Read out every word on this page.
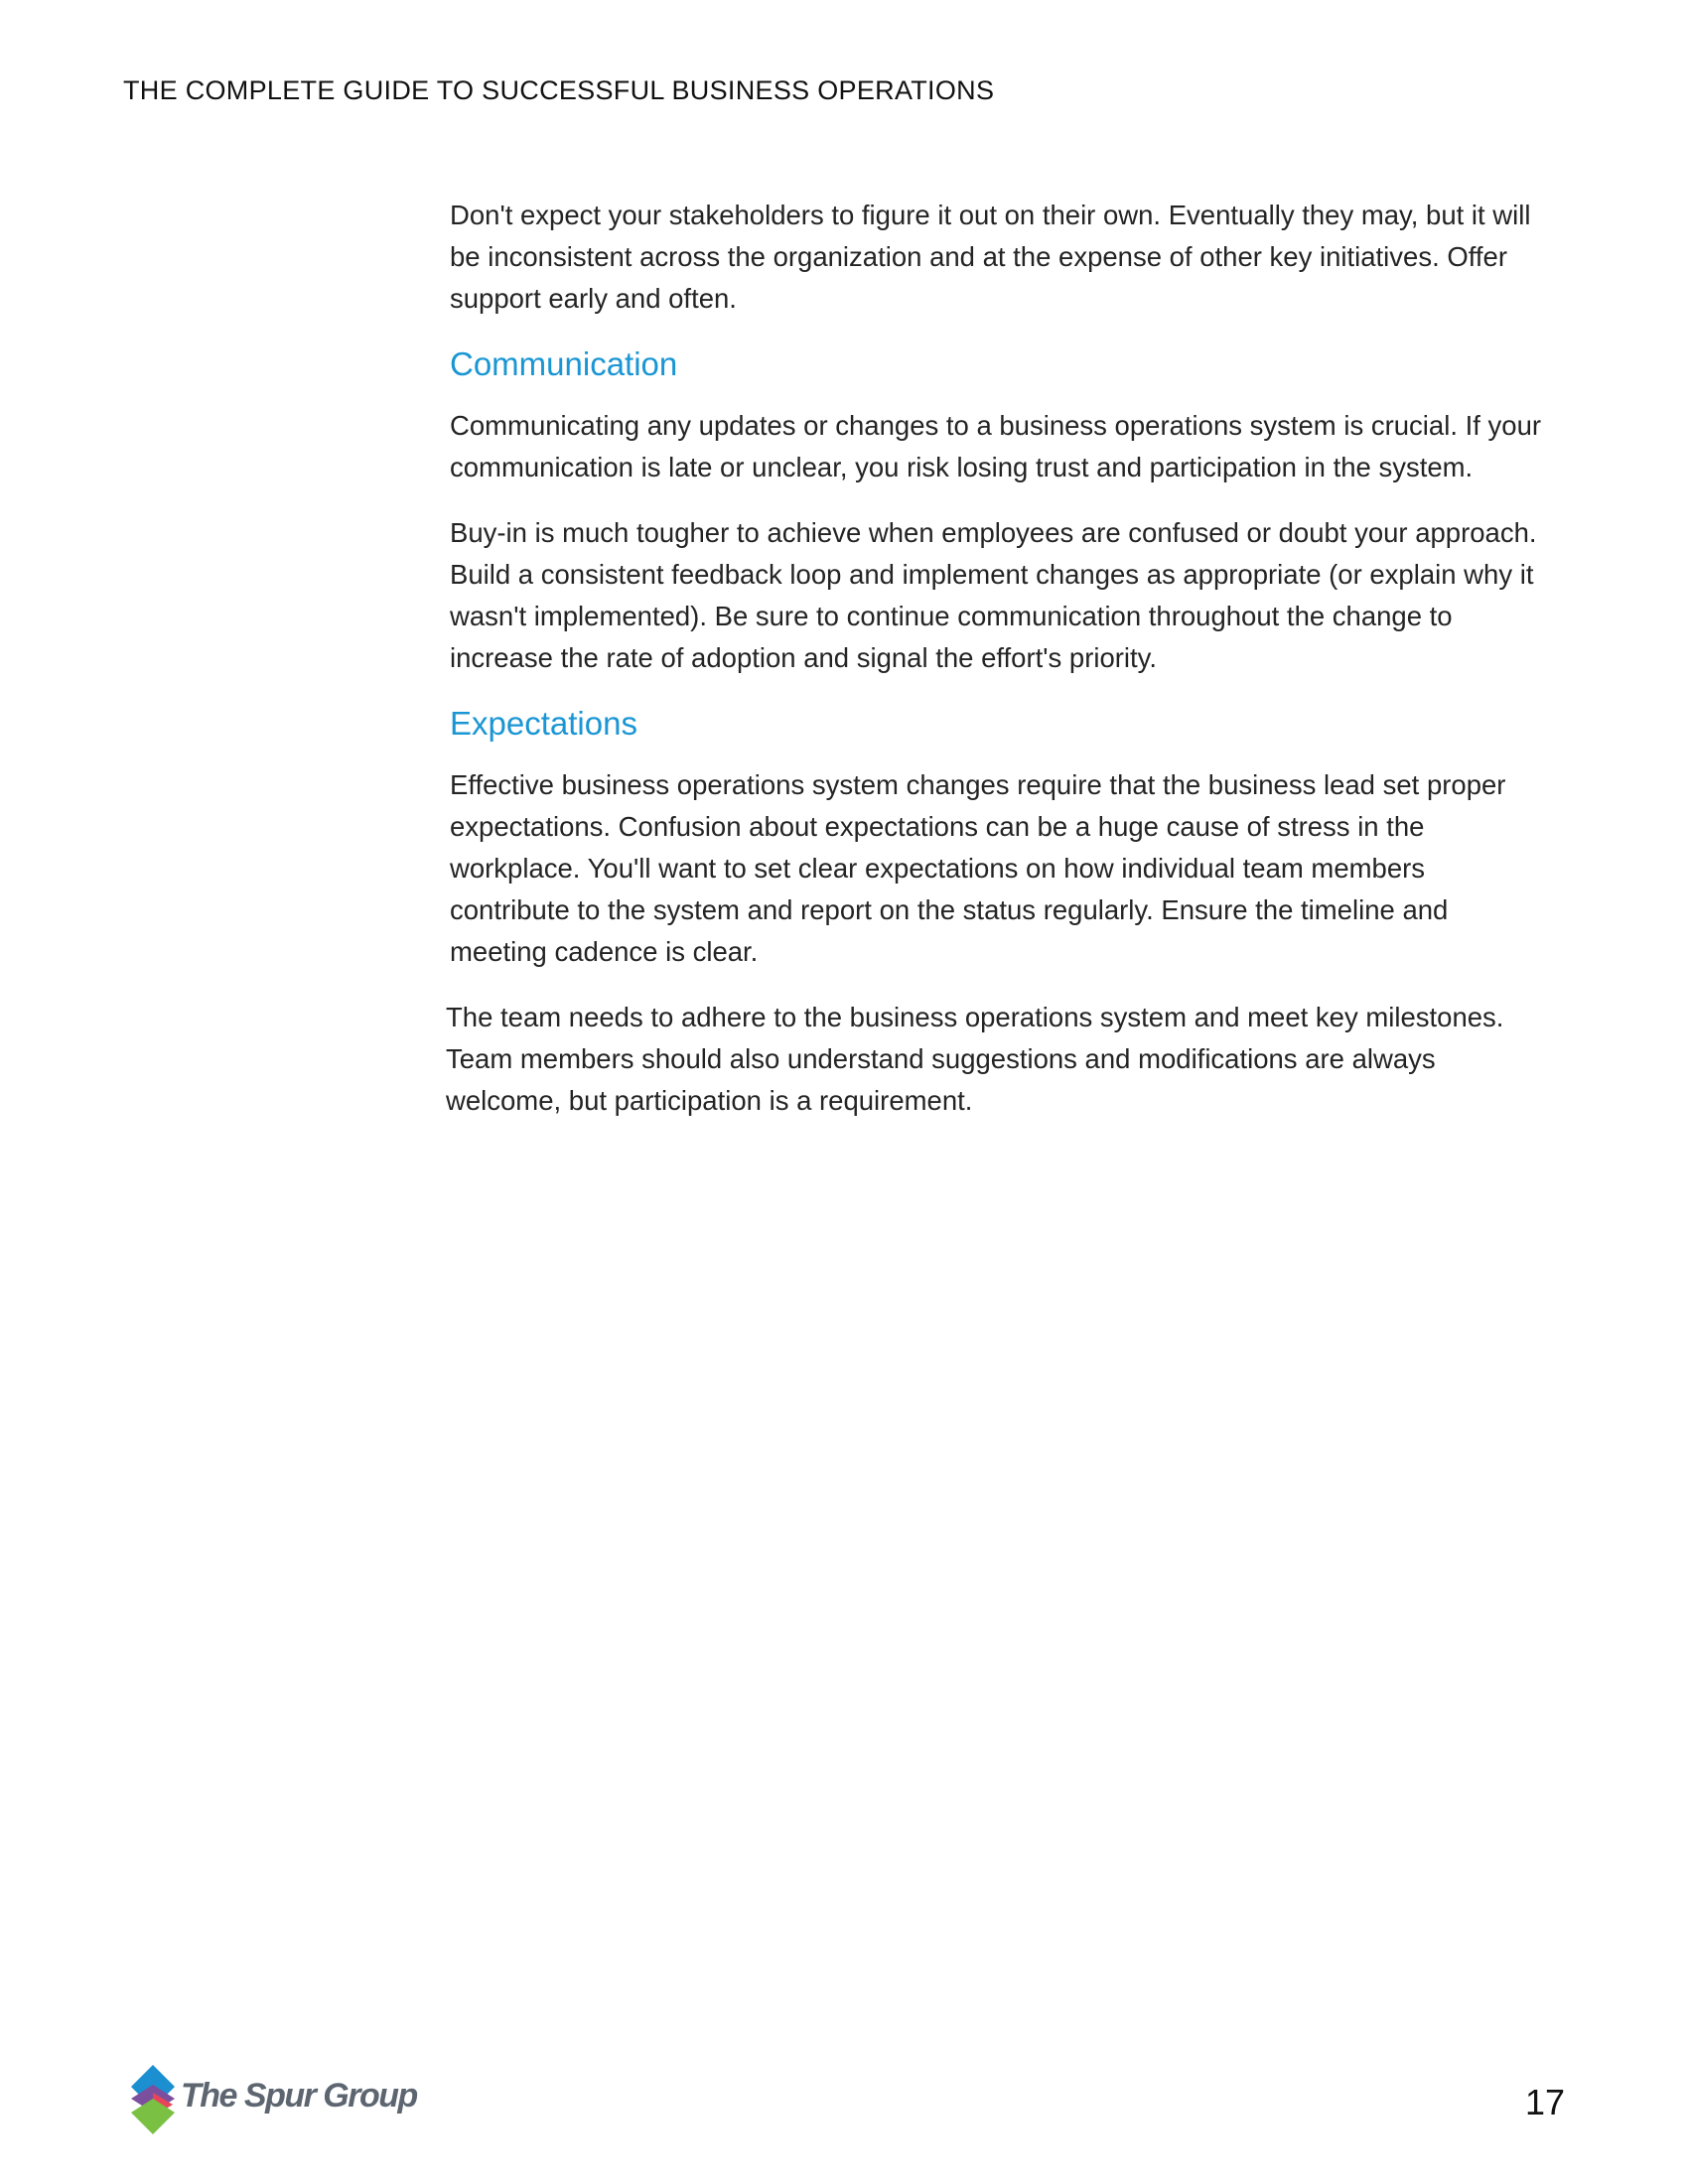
THE COMPLETE GUIDE TO SUCCESSFUL BUSINESS OPERATIONS

Don't expect your stakeholders to figure it out on their own. Eventually they may, but it will be inconsistent across the organization and at the expense of other key initiatives. Offer support early and often.

Communication

Communicating any updates or changes to a business operations system is crucial. If your communication is late or unclear, you risk losing trust and participation in the system.

Buy-in is much tougher to achieve when employees are confused or doubt your approach. Build a consistent feedback loop and implement changes as appropriate (or explain why it wasn't implemented). Be sure to continue communication throughout the change to increase the rate of adoption and signal the effort's priority.

Expectations

Effective business operations system changes require that the business lead set proper expectations. Confusion about expectations can be a huge cause of stress in the workplace. You'll want to set clear expectations on how individual team members contribute to the system and report on the status regularly. Ensure the timeline and meeting cadence is clear.

The team needs to adhere to the business operations system and meet key milestones. Team members should also understand suggestions and modifications are always welcome, but participation is a requirement.

The Spur Group	17
